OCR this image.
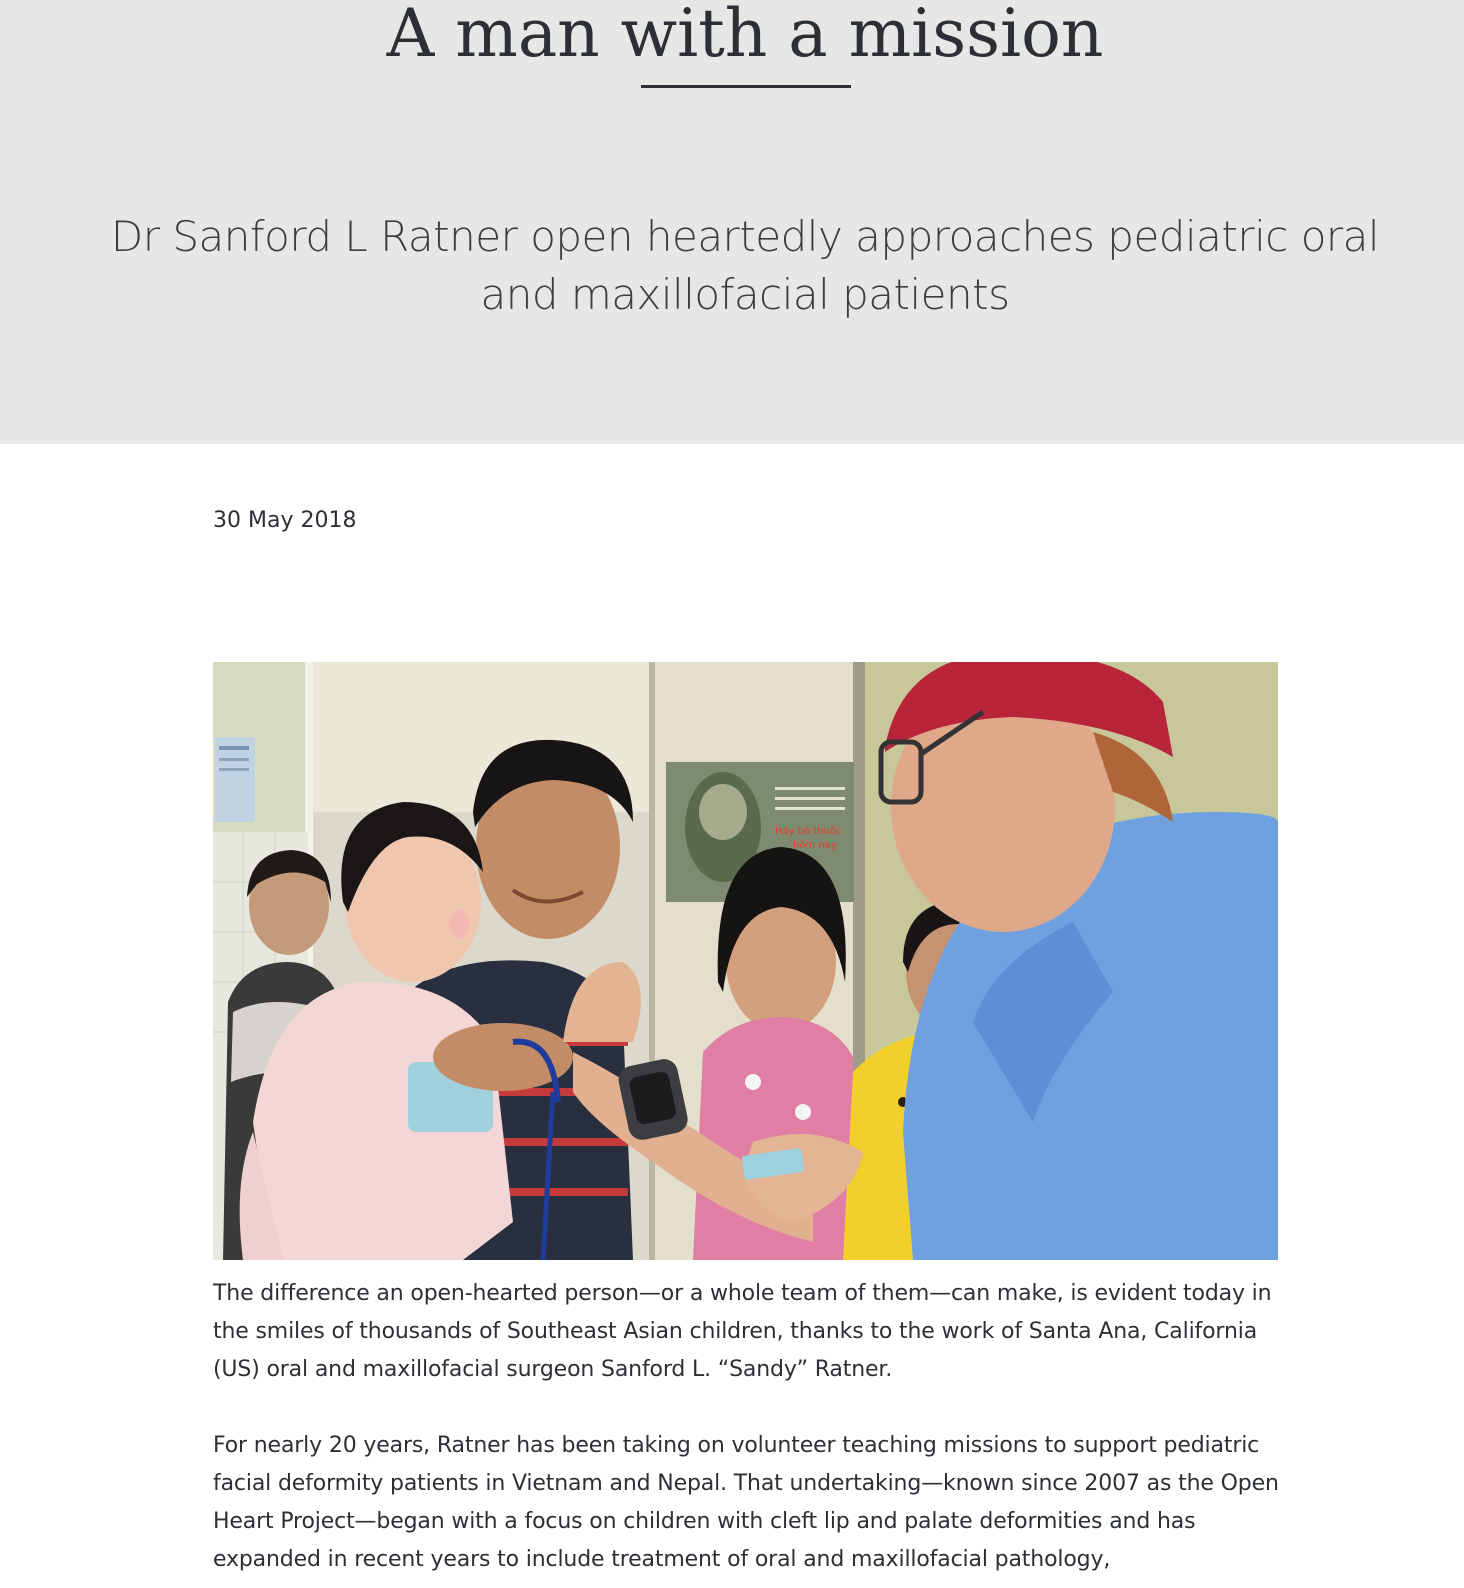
A man with a mission

Dr Sanford L Ratner open heartedly approaches pediatric oral and maxillofacial patients

30 May 2018
Hãy bỏ thuốc
hôm nay

The difference an open-hearted person—or a whole team of them—can make, is evident today in the smiles of thousands of Southeast Asian children, thanks to the work of Santa Ana, California (US) oral and maxillofacial surgeon Sanford L. “Sandy” Ratner.

For nearly 20 years, Ratner has been taking on volunteer teaching missions to support pediatric facial deformity patients in Vietnam and Nepal. That undertaking—known since 2007 as the Open Heart Project—began with a focus on children with cleft lip and palate deformities and has expanded in recent years to include treatment of oral and maxillofacial pathology,
